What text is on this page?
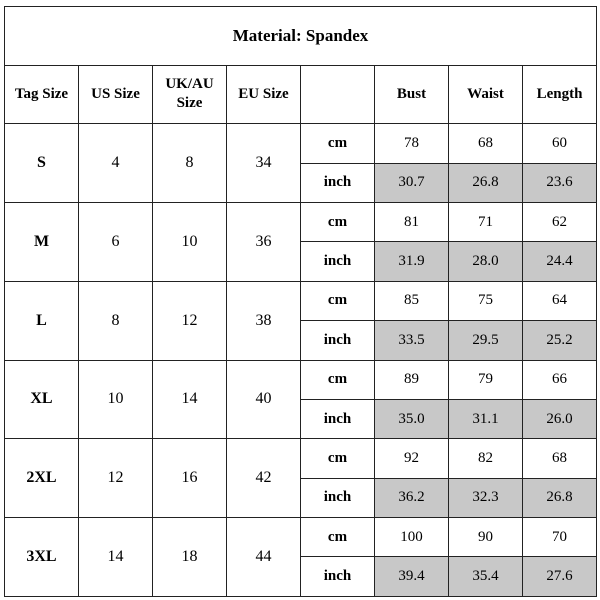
Material: Spandex							
Tag Size	US Size	UK/AU Size	EU Size		Bust	Waist	Length
S	4	8	34	cm	78	68	60
				inch	30.7	26.8	23.6
M	6	10	36	cm	81	71	62
				inch	31.9	28.0	24.4
L	8	12	38	cm	85	75	64
				inch	33.5	29.5	25.2
XL	10	14	40	cm	89	79	66
				inch	35.0	31.1	26.0
2XL	12	16	42	cm	92	82	68
				inch	36.2	32.3	26.8
3XL	14	18	44	cm	100	90	70
				inch	39.4	35.4	27.6
